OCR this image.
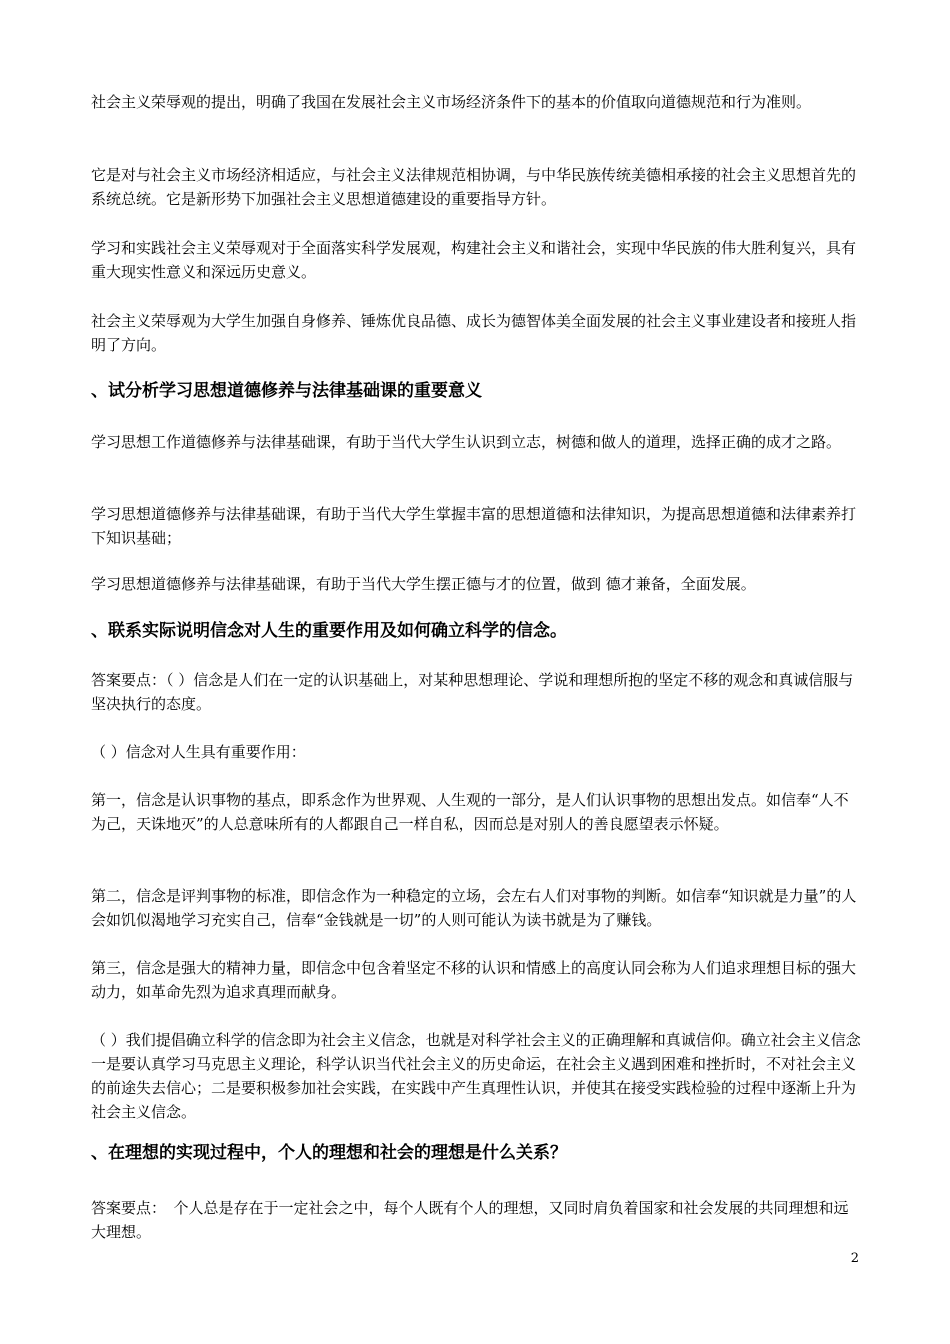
社会主义荣辱观的提出，明确了我国在发展社会主义市场经济条件下的基本的价值取向道德规范和行为准则。

它是对与社会主义市场经济相适应，与社会主义法律规范相协调，与中华民族传统美德相承接的社会主义思想首先的系统总统。它是新形势下加强社会主义思想道德建设的重要指导方针。

学习和实践社会主义荣辱观对于全面落实科学发展观，构建社会主义和谐社会，实现中华民族的伟大胜利复兴，具有重大现实性意义和深远历史意义。

社会主义荣辱观为大学生加强自身修养、锤炼优良品德、成长为德智体美全面发展的社会主义事业建设者和接班人指明了方向。

、试分析学习思想道德修养与法律基础课的重要意义

学习思想工作道德修养与法律基础课，有助于当代大学生认识到立志，树德和做人的道理，选择正确的成才之路。

学习思想道德修养与法律基础课，有助于当代大学生掌握丰富的思想道德和法律知识，为提高思想道德和法律素养打下知识基础；

学习思想道德修养与法律基础课，有助于当代大学生摆正德与才的位置，做到 德才兼备，全面发展。

、联系实际说明信念对人生的重要作用及如何确立科学的信念。

答案要点：（ ）信念是人们在一定的认识基础上，对某种思想理论、学说和理想所抱的坚定不移的观念和真诚信服与坚决执行的态度。

（ ）信念对人生具有重要作用：

第一，信念是认识事物的基点，即系念作为世界观、人生观的一部分，是人们认识事物的思想出发点。如信奉“人不为己，天诛地灭”的人总意味所有的人都跟自己一样自私，因而总是对别人的善良愿望表示怀疑。

第二，信念是评判事物的标准，即信念作为一种稳定的立场，会左右人们对事物的判断。如信奉“知识就是力量”的人会如饥似渴地学习充实自己，信奉“金钱就是一切”的人则可能认为读书就是为了赚钱。

第三，信念是强大的精神力量，即信念中包含着坚定不移的认识和情感上的高度认同会称为人们追求理想目标的强大动力，如革命先烈为追求真理而献身。

（ ）我们提倡确立科学的信念即为社会主义信念，也就是对科学社会主义的正确理解和真诚信仰。确立社会主义信念一是要认真学习马克思主义理论，科学认识当代社会主义的历史命运，在社会主义遇到困难和挫折时，不对社会主义的前途失去信心；二是要积极参加社会实践，在实践中产生真理性认识，并使其在接受实践检验的过程中逐渐上升为社会主义信念。

、在理想的实现过程中，个人的理想和社会的理想是什么关系？

答案要点：　个人总是存在于一定社会之中，每个人既有个人的理想，又同时肩负着国家和社会发展的共同理想和远大理想。

2
